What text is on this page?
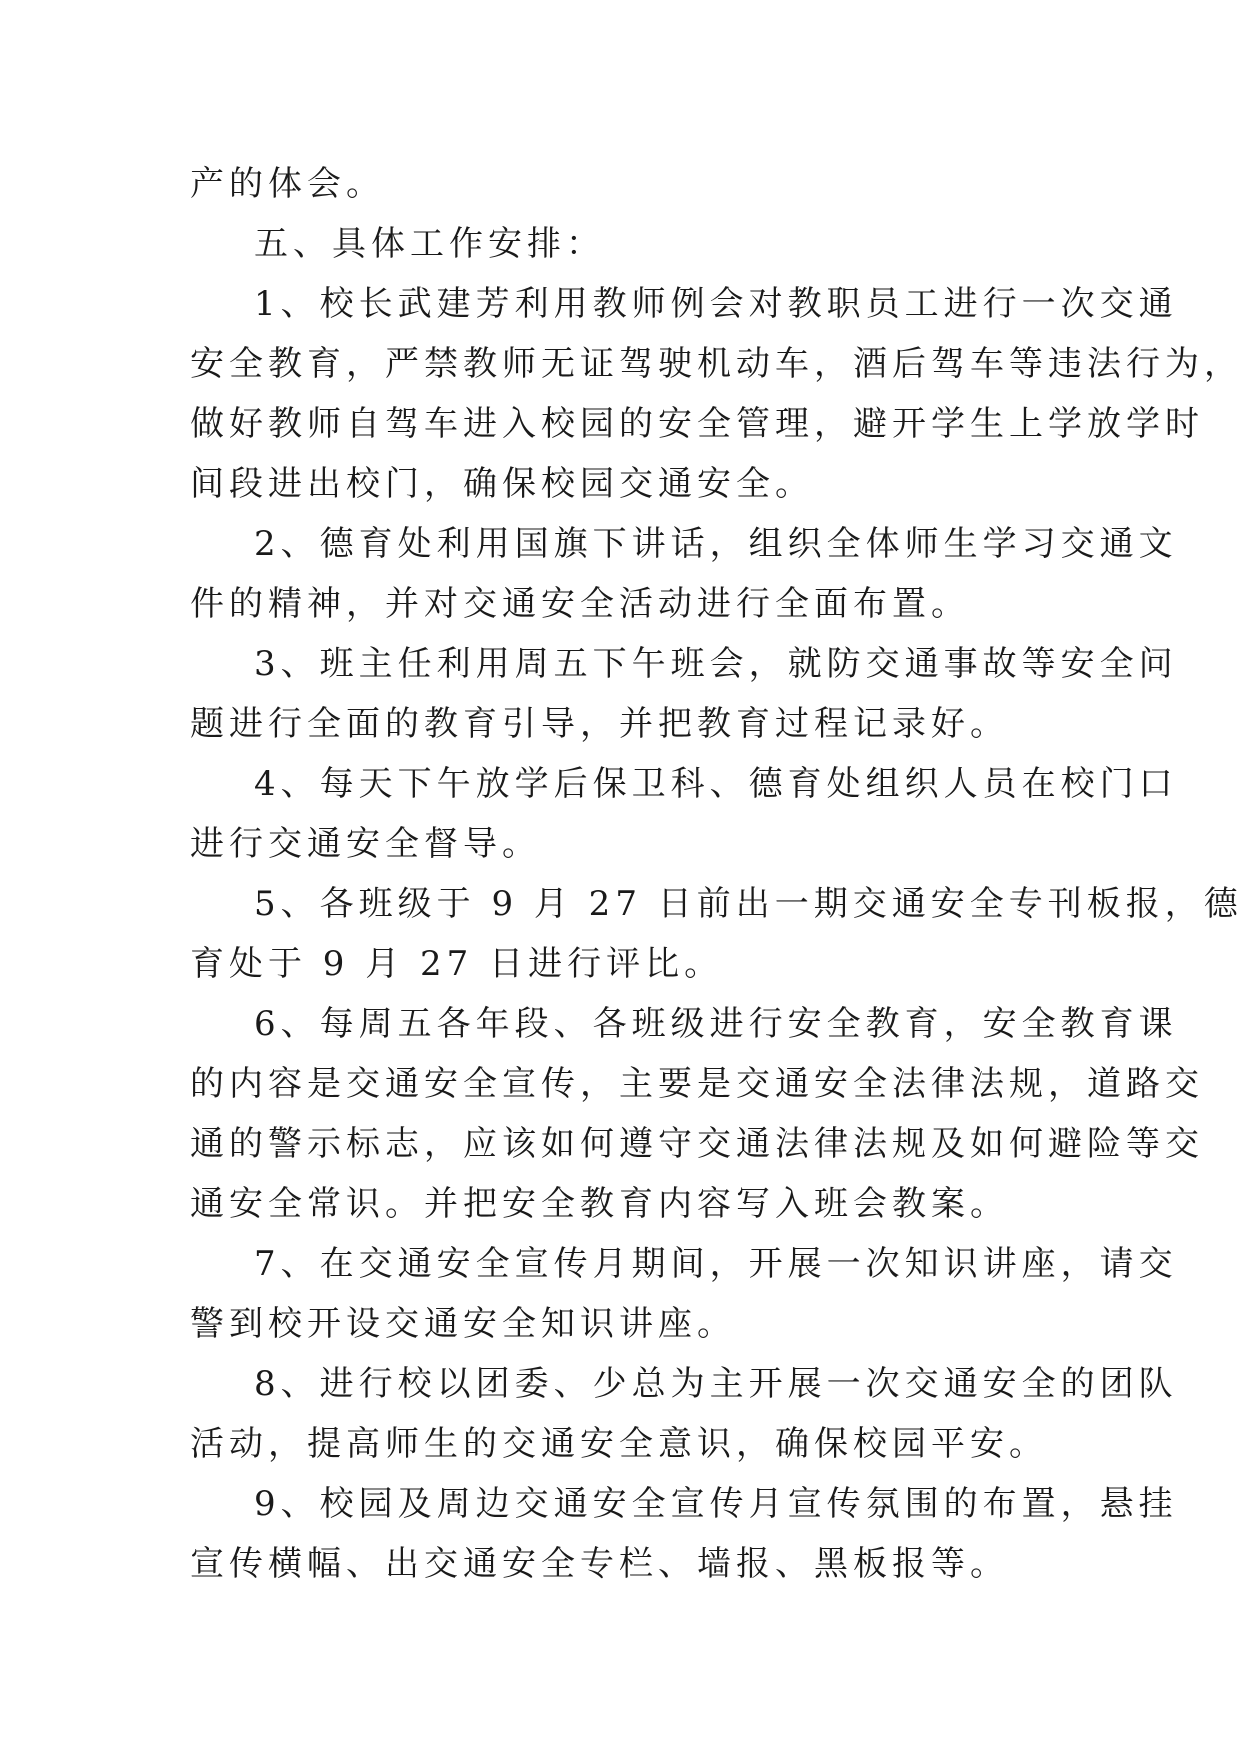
产的体会。
五、具体工作安排：
1、校长武建芳利用教师例会对教职员工进行一次交通
安全教育，严禁教师无证驾驶机动车，酒后驾车等违法行为，
做好教师自驾车进入校园的安全管理，避开学生上学放学时
间段进出校门，确保校园交通安全。
2、德育处利用国旗下讲话，组织全体师生学习交通文
件的精神，并对交通安全活动进行全面布置。
3、班主任利用周五下午班会，就防交通事故等安全问
题进行全面的教育引导，并把教育过程记录好。
4、每天下午放学后保卫科、德育处组织人员在校门口
进行交通安全督导。
5、各班级于 9 月 27 日前出一期交通安全专刊板报，德
育处于 9 月 27 日进行评比。
6、每周五各年段、各班级进行安全教育，安全教育课
的内容是交通安全宣传，主要是交通安全法律法规，道路交
通的警示标志，应该如何遵守交通法律法规及如何避险等交
通安全常识。并把安全教育内容写入班会教案。
7、在交通安全宣传月期间，开展一次知识讲座，请交
警到校开设交通安全知识讲座。
8、进行校以团委、少总为主开展一次交通安全的团队
活动，提高师生的交通安全意识，确保校园平安。
9、校园及周边交通安全宣传月宣传氛围的布置，悬挂
宣传横幅、出交通安全专栏、墙报、黑板报等。
